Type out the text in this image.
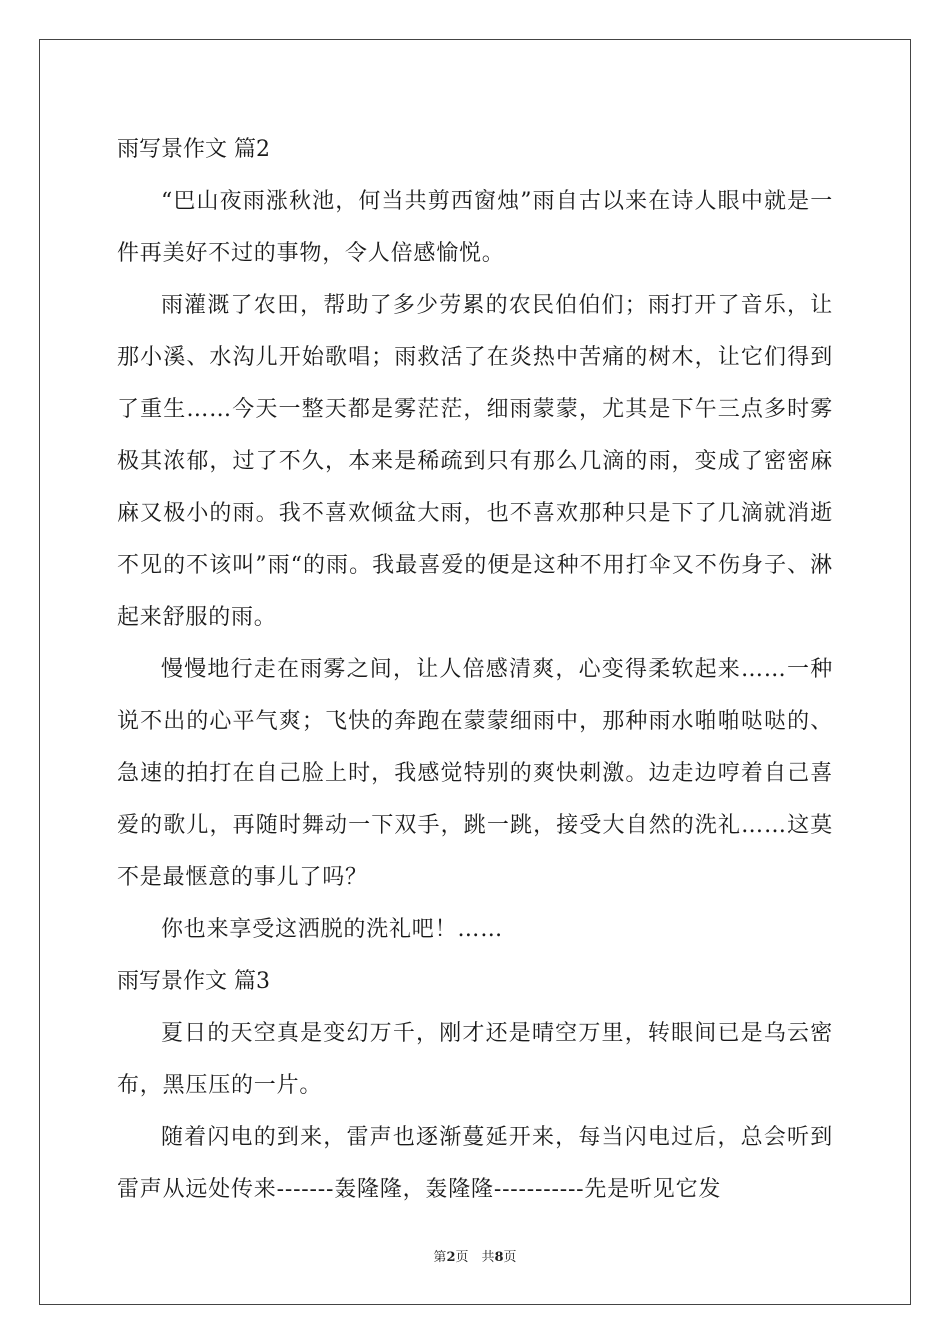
雨写景作文 篇2

“巴山夜雨涨秋池，何当共剪西窗烛”雨自古以来在诗人眼中就是一件再美好不过的事物，令人倍感愉悦。

雨灌溉了农田，帮助了多少劳累的农民伯伯们；雨打开了音乐，让那小溪、水沟儿开始歌唱；雨救活了在炎热中苦痛的树木，让它们得到了重生……今天一整天都是雾茫茫，细雨蒙蒙，尤其是下午三点多时雾极其浓郁，过了不久，本来是稀疏到只有那么几滴的雨，变成了密密麻麻又极小的雨。我不喜欢倾盆大雨，也不喜欢那种只是下了几滴就消逝不见的不该叫”雨“的雨。我最喜爱的便是这种不用打伞又不伤身子、淋起来舒服的雨。

慢慢地行走在雨雾之间，让人倍感清爽，心变得柔软起来……一种说不出的心平气爽；飞快的奔跑在蒙蒙细雨中，那种雨水啪啪哒哒的、急速的拍打在自己脸上时，我感觉特别的爽快刺激。边走边哼着自己喜爱的歌儿，再随时舞动一下双手，跳一跳，接受大自然的洗礼……这莫不是最惬意的事儿了吗？

你也来享受这洒脱的洗礼吧！……

雨写景作文 篇3

夏日的天空真是变幻万千，刚才还是晴空万里，转眼间已是乌云密布，黑压压的一片。

随着闪电的到来，雷声也逐渐蔓延开来，每当闪电过后，总会听到雷声从远处传来-------轰隆隆，轰隆隆-----------先是听见它发

第2页　共8页
